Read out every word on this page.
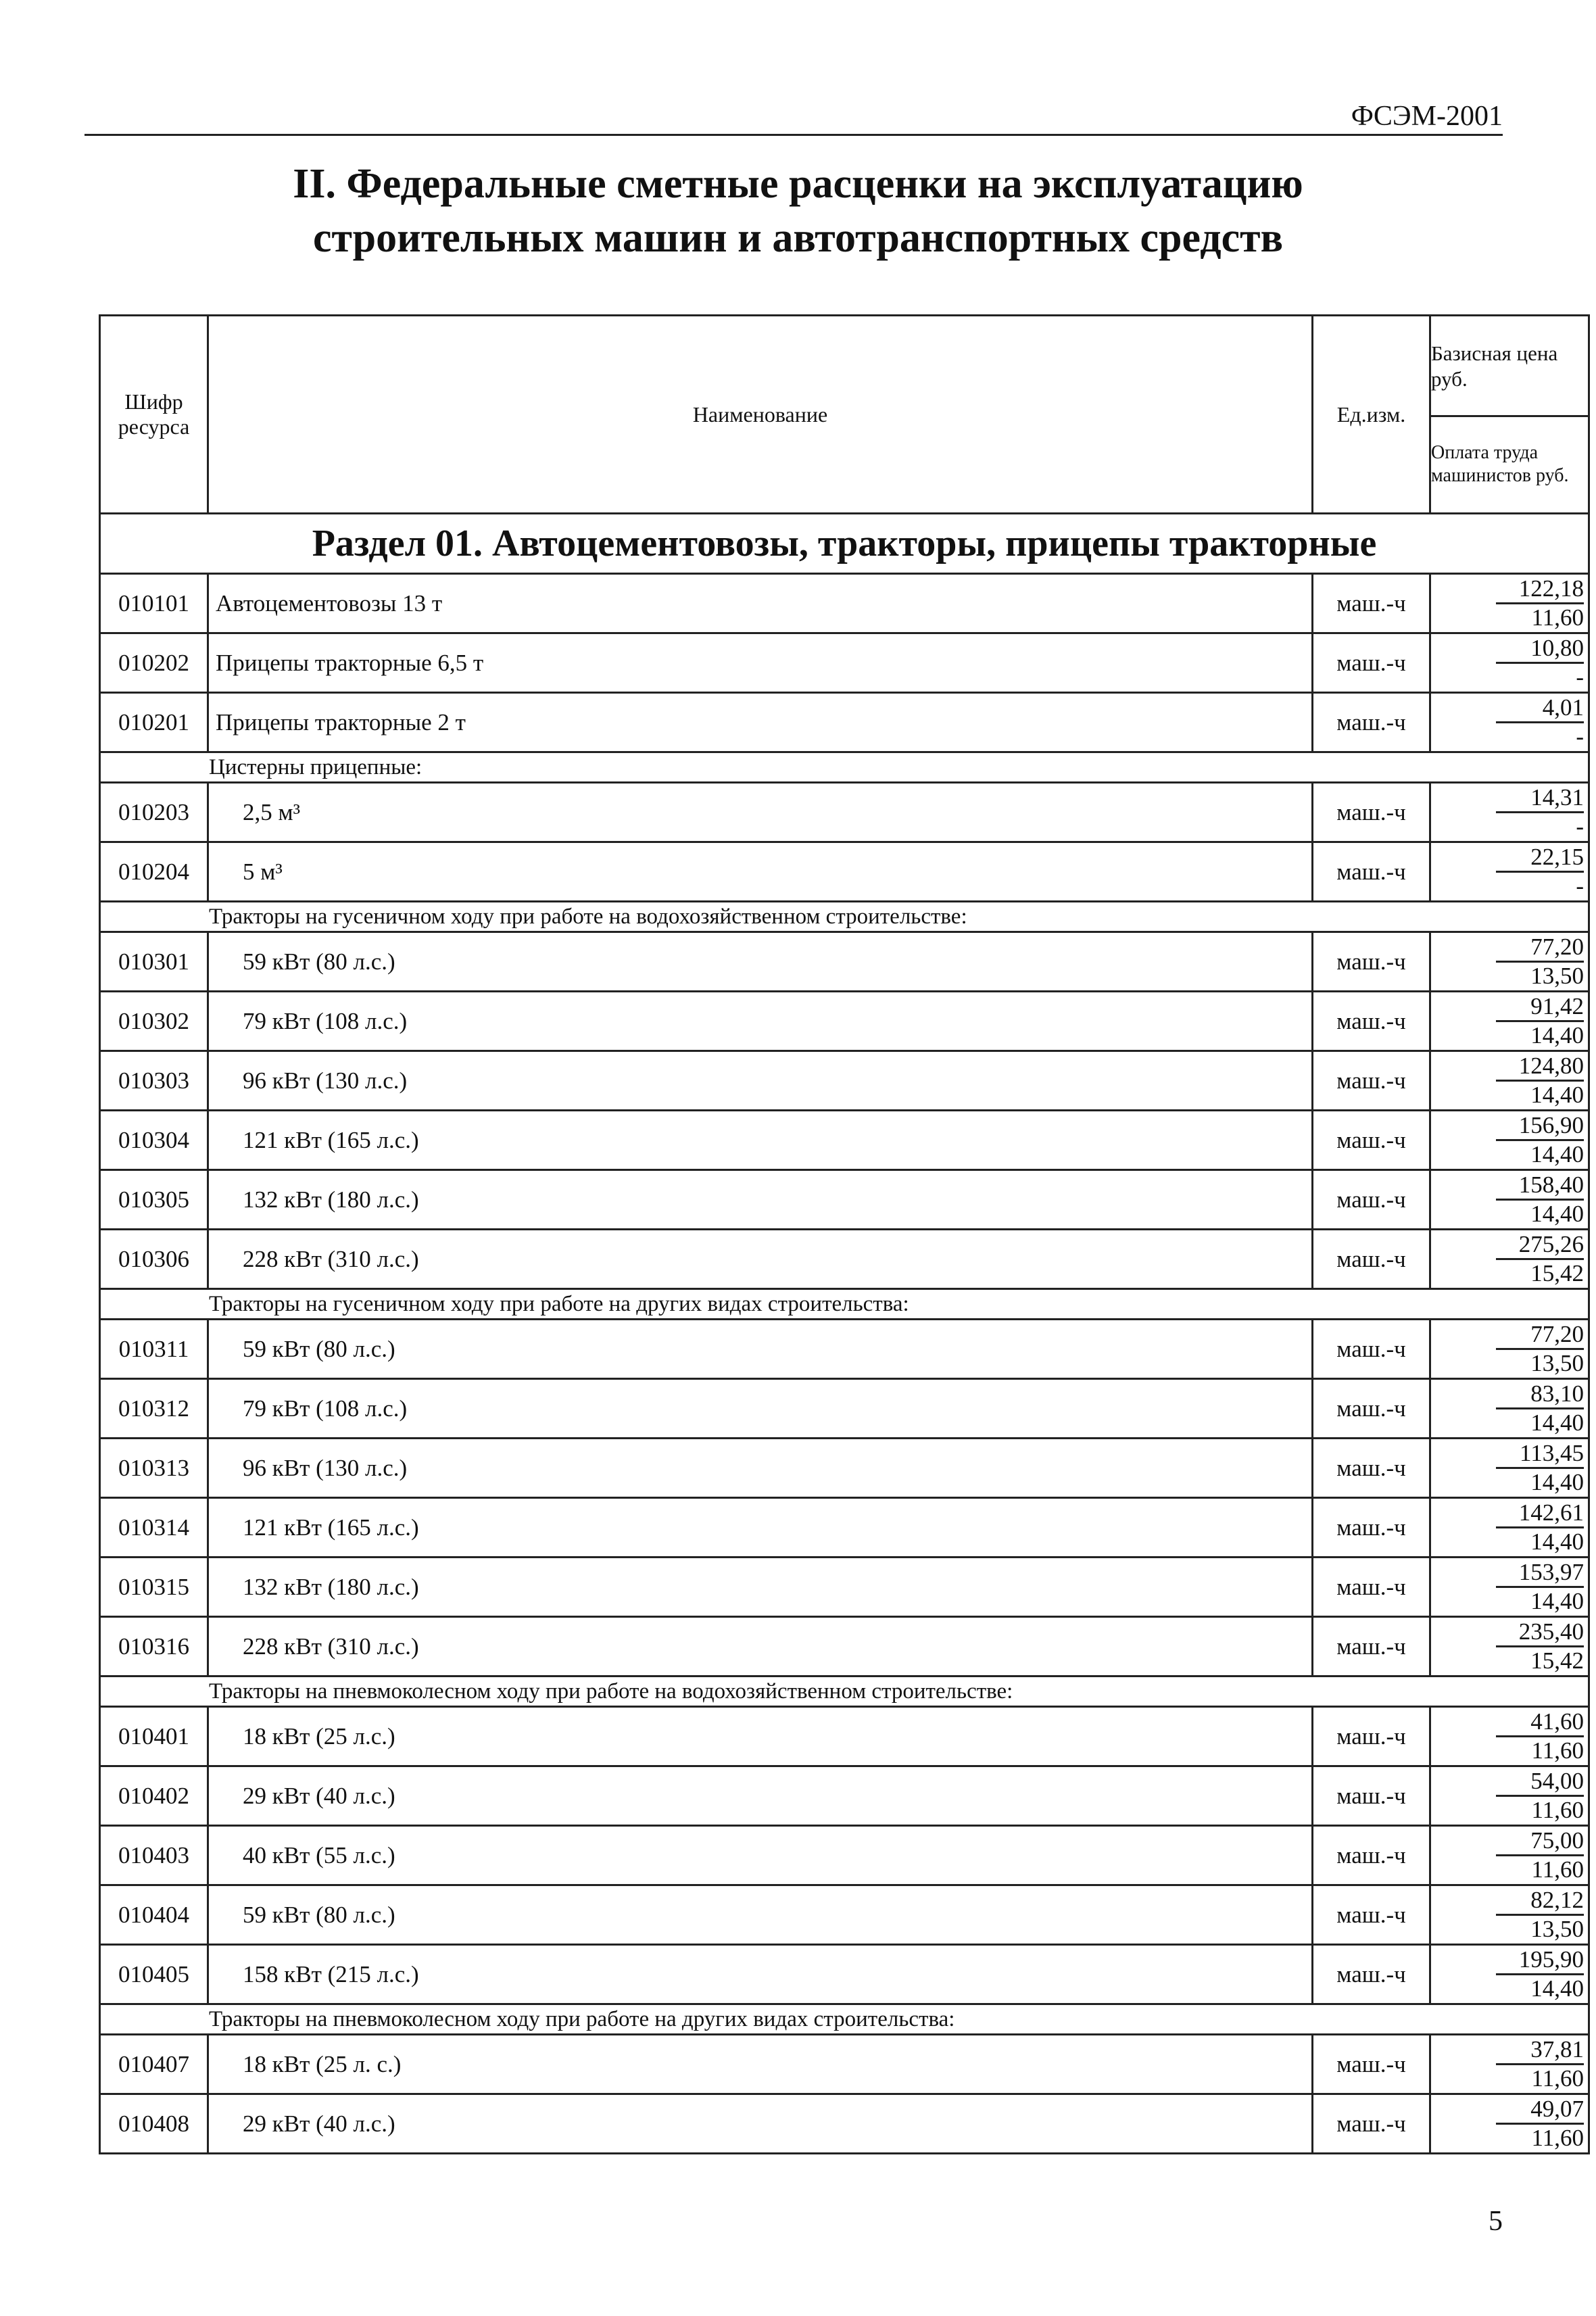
ФСЭМ-2001
II. Федеральные сметные расценки на эксплуатацию
строительных машин и автотранспортных средств
Шифр ресурса	Наименование	Ед.изм.	Базисная цена руб.
Оплата труда машинистов руб.

Раздел 01. Автоцементовозы, тракторы, прицепы тракторные			
010101	Автоцементовозы 13 т	маш.-ч	122,18
11,60

010202	Прицепы тракторные 6,5 т	маш.-ч	10,80
-

010201	Прицепы тракторные 2 т	маш.-ч	4,01
-

Цистерны прицепные:			
010203	2,5 м³	маш.-ч	14,31
-

010204	5 м³	маш.-ч	22,15
-

Тракторы на гусеничном ходу при работе на водохозяйственном строительстве:			
010301	59 кВт (80 л.с.)	маш.-ч	77,20
13,50

010302	79 кВт (108 л.с.)	маш.-ч	91,42
14,40

010303	96 кВт (130 л.с.)	маш.-ч	124,80
14,40

010304	121 кВт (165 л.с.)	маш.-ч	156,90
14,40

010305	132 кВт (180 л.с.)	маш.-ч	158,40
14,40

010306	228 кВт (310 л.с.)	маш.-ч	275,26
15,42

Тракторы на гусеничном ходу при работе на других видах строительства:			
010311	59 кВт (80 л.с.)	маш.-ч	77,20
13,50

010312	79 кВт (108 л.с.)	маш.-ч	83,10
14,40

010313	96 кВт (130 л.с.)	маш.-ч	113,45
14,40

010314	121 кВт (165 л.с.)	маш.-ч	142,61
14,40

010315	132 кВт (180 л.с.)	маш.-ч	153,97
14,40

010316	228 кВт (310 л.с.)	маш.-ч	235,40
15,42

Тракторы на пневмоколесном ходу при работе на водохозяйственном строительстве:			
010401	18 кВт (25 л.с.)	маш.-ч	41,60
11,60

010402	29 кВт (40 л.с.)	маш.-ч	54,00
11,60

010403	40 кВт (55 л.с.)	маш.-ч	75,00
11,60

010404	59 кВт (80 л.с.)	маш.-ч	82,12
13,50

010405	158 кВт (215 л.с.)	маш.-ч	195,90
14,40

Тракторы на пневмоколесном ходу при работе на других видах строительства:			
010407	18 кВт (25 л. с.)	маш.-ч	37,81
11,60

010408	29 кВт (40 л.с.)	маш.-ч	49,07
11,60
5
